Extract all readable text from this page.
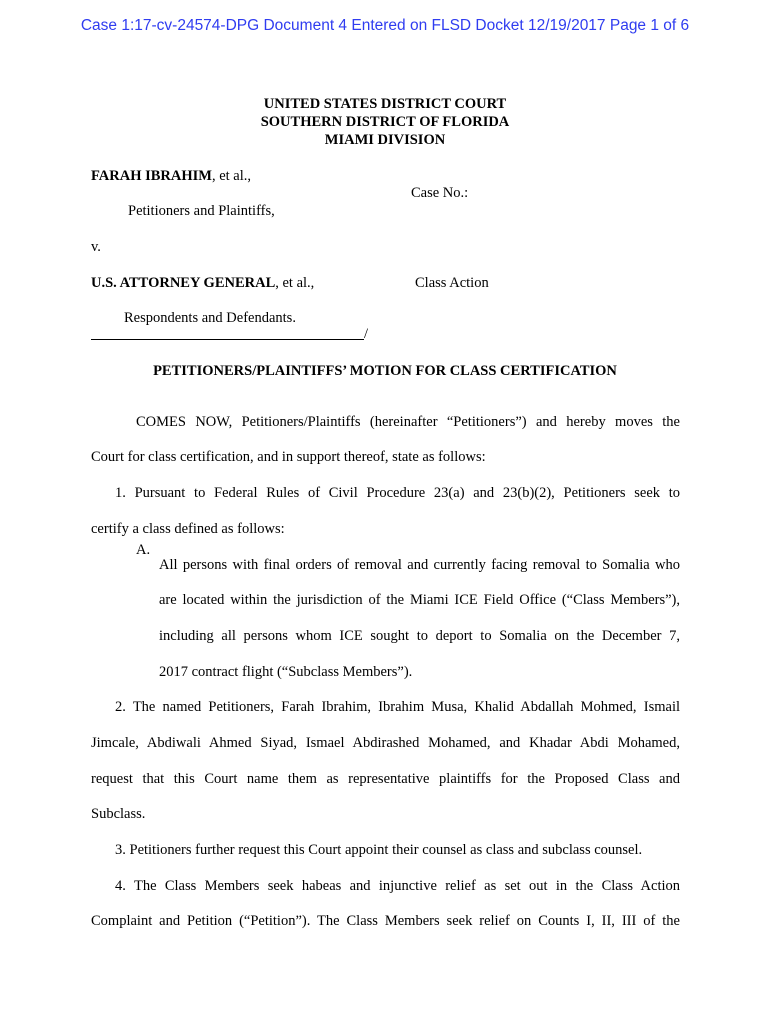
Case 1:17-cv-24574-DPG Document 4 Entered on FLSD Docket 12/19/2017 Page 1 of 6

UNITED STATES DISTRICT COURT

SOUTHERN DISTRICT OF FLORIDA

MIAMI DIVISION

FARAH IBRAHIM, et al.,

Case No.:

Petitioners and Plaintiffs,

v.

U.S. ATTORNEY GENERAL, et al.,	Class Action

Respondents and Defendants.

/

PETITIONERS/PLAINTIFFS’ MOTION FOR CLASS CERTIFICATION

COMES NOW, Petitioners/Plaintiffs (hereinafter “Petitioners”) and hereby moves the

Court for class certification, and in support thereof, state as follows:

1. Pursuant to Federal Rules of Civil Procedure 23(a) and 23(b)(2), Petitioners seek to

certify a class defined as follows:

A.

All persons with final orders of removal and currently facing removal to Somalia who

are located within the jurisdiction of the Miami ICE Field Office (“Class Members”),

including all persons whom ICE sought to deport to Somalia on the December 7,

2017 contract flight (“Subclass Members”).

2. The named Petitioners, Farah Ibrahim, Ibrahim Musa, Khalid Abdallah Mohmed, Ismail

Jimcale, Abdiwali Ahmed Siyad, Ismael Abdirashed Mohamed, and Khadar Abdi Mohamed,

request that this Court name them as representative plaintiffs for the Proposed Class and

Subclass.

3. Petitioners further request this Court appoint their counsel as class and subclass counsel.

4. The Class Members seek habeas and injunctive relief as set out in the Class Action

Complaint and Petition (“Petition”). The Class Members seek relief on Counts I, II, III of the
